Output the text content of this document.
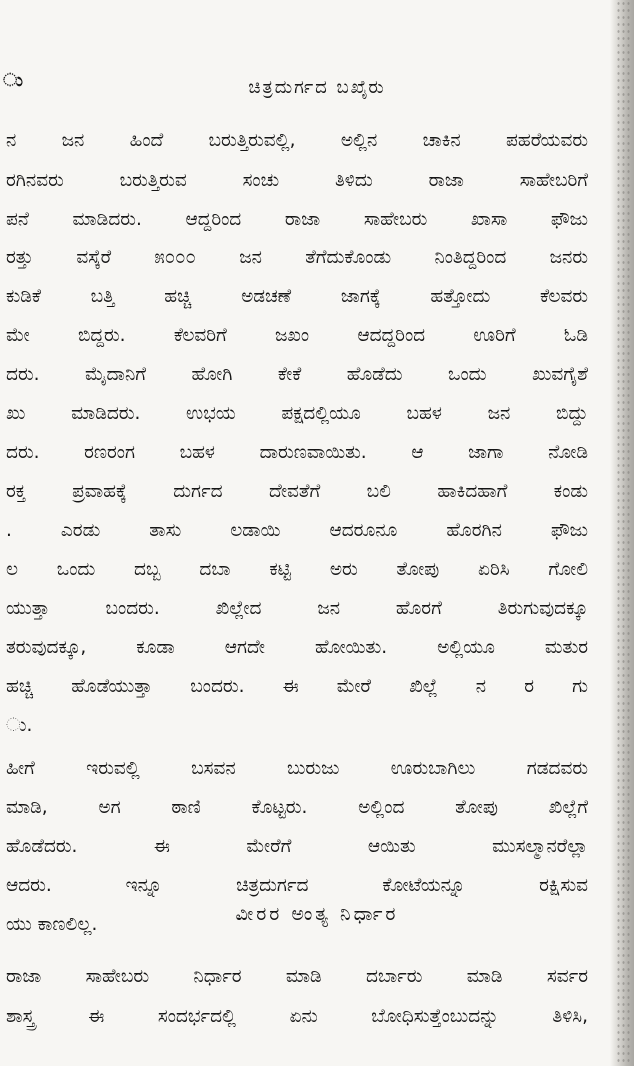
ು	ಚಿತ್ರದುರ್ಗದ ಬಖೈರು
ನ ಜನ ಹಿಂದೆ ಬರುತ್ತಿರುವಲ್ಲಿ, ಅಲ್ಲಿನ ಚಾಕಿನ ಪಹರೆಯವರು
ರಗಿನವರು ಬರುತ್ತಿರುವ ಸಂಚು ತಿಳಿದು ರಾಜಾ ಸಾಹೇಬರಿಗೆ
ಪನೆ ಮಾಡಿದರು. ಆದ್ದರಿಂದ ರಾಜಾ ಸಾಹೇಬರು ಖಾಸಾ ಫೌಜು
ರತ್ತು ವಸ್ಕೆರೆ ೫೦೦೦ ಜನ ತೆಗೆದುಕೊಂಡು ನಿಂತಿದ್ದರಿಂದ ಜನರು
ಕುಡಿಕೆ ಬತ್ತಿ ಹಚ್ಚಿ ಅಡಚಣೆ ಜಾಗಕ್ಕೆ ಹತ್ತೋದು ಕೆಲವರು
ಮೇ ಬಿದ್ದರು. ಕೆಲವರಿಗೆ ಜಖಂ ಆದದ್ದರಿಂದ ಊರಿಗೆ ಓಡಿ
ದರು. ಮೈದಾನಿಗೆ ಹೋಗಿ ಕೇಕೆ ಹೊಡೆದು ಒಂದು ಖುವಗೈಶೆ
ಖು ಮಾಡಿದರು. ಉಭಯ ಪಕ್ಷದಲ್ಲಿಯೂ ಬಹಳ ಜನ ಬಿದ್ದು
ದರು. ರಣರಂಗ ಬಹಳ ದಾರುಣವಾಯಿತು. ಆ ಜಾಗಾ ನೋಡಿ
ರಕ್ತ ಪ್ರವಾಹಕ್ಕೆ ದುರ್ಗದ ದೇವತೆಗೆ ಬಲಿ ಹಾಕಿದಹಾಗೆ ಕಂಡು
. ಎರಡು ತಾಸು ಲಡಾಯಿ ಆದರೂನೂ ಹೊರಗಿನ ಫೌಜು
ಲ ಒಂದು ದಬ್ಬ ದಬಾ ಕಟ್ಟಿ ಅರು ತೋಪು ಏರಿಸಿ ಗೋಲಿ
ಯುತ್ತಾ ಬಂದರು. ಖಿಲ್ಲೇದ ಜನ ಹೊರಗೆ ತಿರುಗುವುದಕ್ಕೂ
ತರುವುದಕ್ಕೂ, ಕೂಡಾ ಆಗದೇ ಹೋಯಿತು. ಅಲ್ಲಿಯೂ ಮತುರ
ಹಚ್ಚಿ ಹೊಡೆಯುತ್ತಾ ಬಂದರು. ಈ ಮೇರೆ ಖಿಲ್ಲೆ ನ ರ ಗು
ು.
ಹೀಗೆ ಇರುವಲ್ಲಿ ಬಸವನ ಬುರುಜು ಊರುಬಾಗಿಲು ಗಡದವರು
ಮಾಡಿ, ಅಗ ಠಾಣಿ ಕೊಟ್ಟರು. ಅಲ್ಲಿಂದ ತೋಪು ಖಿಲ್ಲೆಗೆ
ಹೊಡೆದರು. ಈ ಮೇರೆಗೆ ಆಯಿತು ಮುಸಲ್ಮಾನರೆಲ್ಲಾ
ಆದರು. ಇನ್ನೂ ಚಿತ್ರದುರ್ಗದ ಕೋಟೆಯನ್ನೂ ರಕ್ಷಿಸುವ
ಯು ಕಾಣಲಿಲ್ಲ.	ವೀರರ ಅಂತ್ಯ ನಿರ್ಧಾರ
ರಾಜಾ ಸಾಹೇಬರು ನಿರ್ಧಾರ ಮಾಡಿ ದರ್ಬಾರು ಮಾಡಿ ಸರ್ವರ
ಶಾಸ್ತ್ರ ಈ ಸಂದರ್ಭದಲ್ಲಿ ಏನು ಬೋಧಿಸುತ್ತೆಂಬುದನ್ನು ತಿಳಿಸಿ,
